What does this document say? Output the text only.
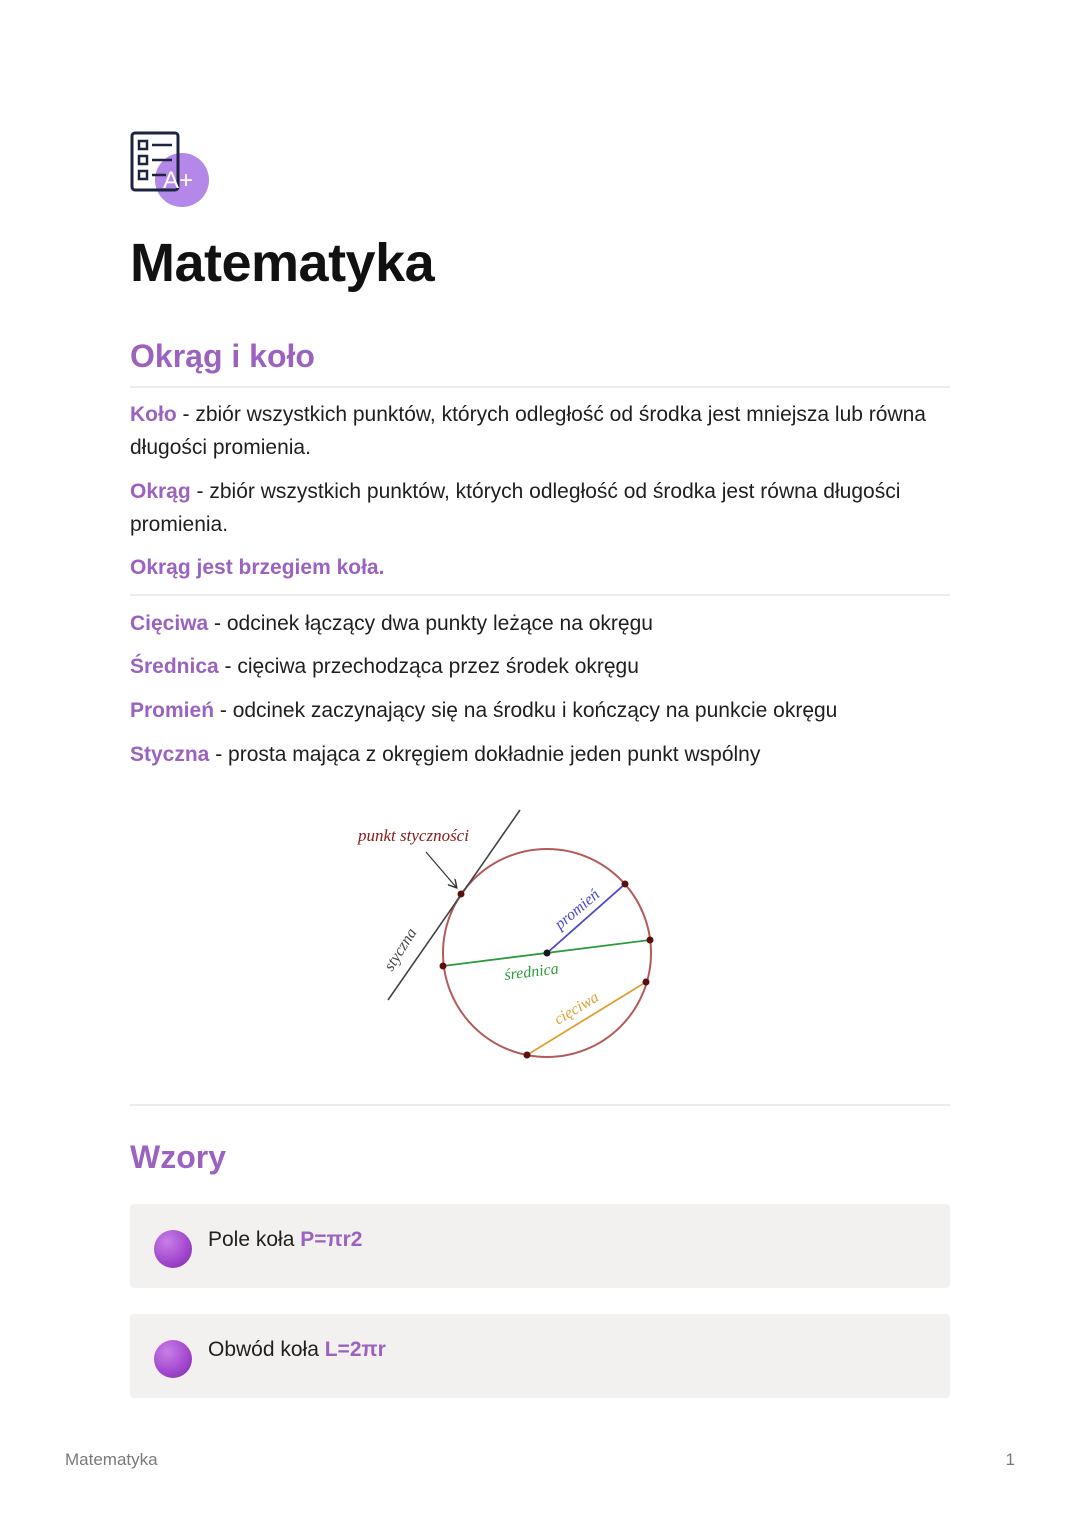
A+
Matematyka
Okrąg i koło

Koło - zbiór wszystkich punktów, których odległość od środka jest mniejsza lub równa długości promienia.

Okrąg - zbiór wszystkich punktów, których odległość od środka jest równa długości promienia.

Okrąg jest brzegiem koła.

Cięciwa - odcinek łączący dwa punkty leżące na okręgu

Średnica - cięciwa przechodząca przez środek okręgu

Promień - odcinek zaczynający się na środku i kończący na punkcie okręgu

Styczna - prosta mająca z okręgiem dokładnie jeden punkt wspólny

punkt styczności
styczna
promień
średnica
cięciwa
Wzory
Pole koła P=πr2
Obwód koła L=2πr
Matematyka	1
